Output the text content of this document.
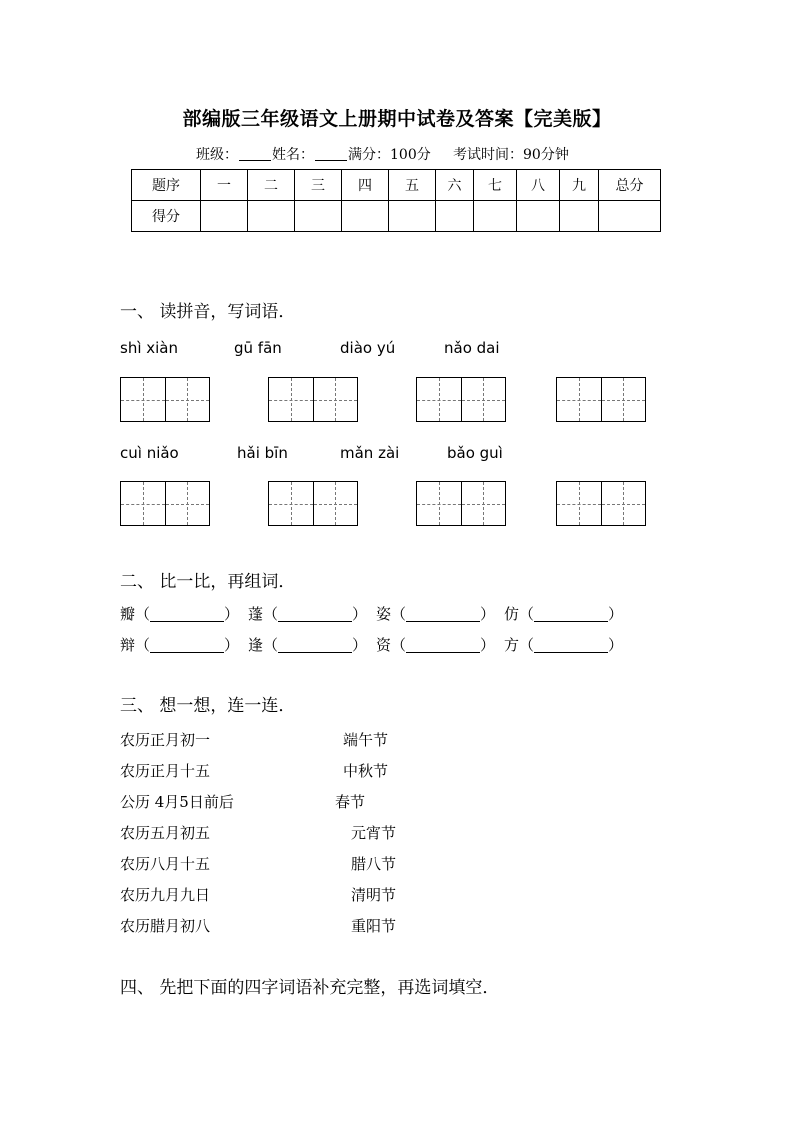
部编版三年级语文上册期中试卷及答案【完美版】
班级： 姓名： 满分：100分 考试时间：90分钟
题序	一	二	三	四	五	六	七	八	九	总分
得分										
一、 读拼音，写词语．
shì xiàn	gū fān	diào yú	nǎo dai
cuì niǎo	hǎi bīn	mǎn zài	bǎo guì
二、 比一比，再组词．
瓣（	） 蓬（	） 姿（	） 仿（	）
辩（	） 逢（	） 资（	） 方（	）
三、 想一想，连一连．
农历正月初一	端午节
农历正月十五	中秋节
公历 4月5日前后	春节
农历五月初五	元宵节
农历八月十五	腊八节
农历九月九日	清明节
农历腊月初八	重阳节
四、 先把下面的四字词语补充完整，再选词填空．
